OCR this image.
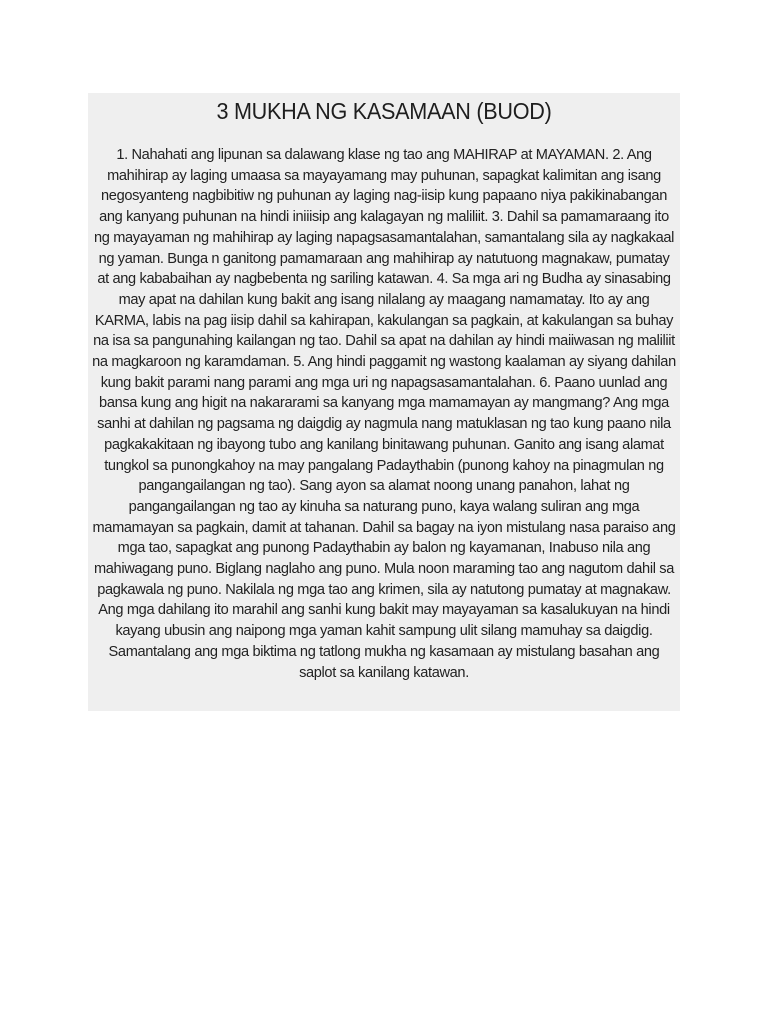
3 MUKHA NG KASAMAAN (BUOD)

1. Nahahati ang lipunan sa dalawang klase ng tao ang MAHIRAP at MAYAMAN. 2. Ang mahihirap ay laging umaasa sa mayayamang may puhunan, sapagkat kalimitan ang isang negosyanteng nagbibitiw ng puhunan ay laging nag-iisip kung papaano niya pakikinabangan ang kanyang puhunan na hindi iniiisip ang kalagayan ng maliliit. 3. Dahil sa pamamaraang ito ng mayayaman ng mahihirap ay laging napagsasamantalahan, samantalang sila ay nagkakaal ng yaman. Bunga n ganitong pamamaraan ang mahihirap ay natutuong magnakaw, pumatay at ang kababaihan ay nagbebenta ng sariling katawan. 4. Sa mga ari ng Budha ay sinasabing may apat na dahilan kung bakit ang isang nilalang ay maagang namamatay. Ito ay ang KARMA, labis na pag iisip dahil sa kahirapan, kakulangan sa pagkain, at kakulangan sa buhay na isa sa pangunahing kailangan ng tao. Dahil sa apat na dahilan ay hindi maiiwasan ng maliliit na magkaroon ng karamdaman. 5. Ang hindi paggamit ng wastong kaalaman ay siyang dahilan kung bakit parami nang parami ang mga uri ng napagsasamantalahan. 6. Paano uunlad ang bansa kung ang higit na nakararami sa kanyang mga mamamayan ay mangmang? Ang mga sanhi at dahilan ng pagsama ng daigdig ay nagmula nang matuklasan ng tao kung paano nila pagkakakitaan ng ibayong tubo ang kanilang binitawang puhunan. Ganito ang isang alamat tungkol sa punongkahoy na may pangalang Padaythabin (punong kahoy na pinagmulan ng pangangailangan ng tao). Sang ayon sa alamat noong unang panahon, lahat ng pangangailangan ng tao ay kinuha sa naturang puno, kaya walang suliran ang mga mamamayan sa pagkain, damit at tahanan. Dahil sa bagay na iyon mistulang nasa paraiso ang mga tao, sapagkat ang punong Padaythabin ay balon ng kayamanan, Inabuso nila ang mahiwagang puno. Biglang naglaho ang puno. Mula noon maraming tao ang nagutom dahil sa pagkawala ng puno. Nakilala ng mga tao ang krimen, sila ay natutong pumatay at magnakaw. Ang mga dahilang ito marahil ang sanhi kung bakit may mayayaman sa kasalukuyan na hindi kayang ubusin ang naipong mga yaman kahit sampung ulit silang mamuhay sa daigdig. Samantalang ang mga biktima ng tatlong mukha ng kasamaan ay mistulang basahan ang saplot sa kanilang katawan.
